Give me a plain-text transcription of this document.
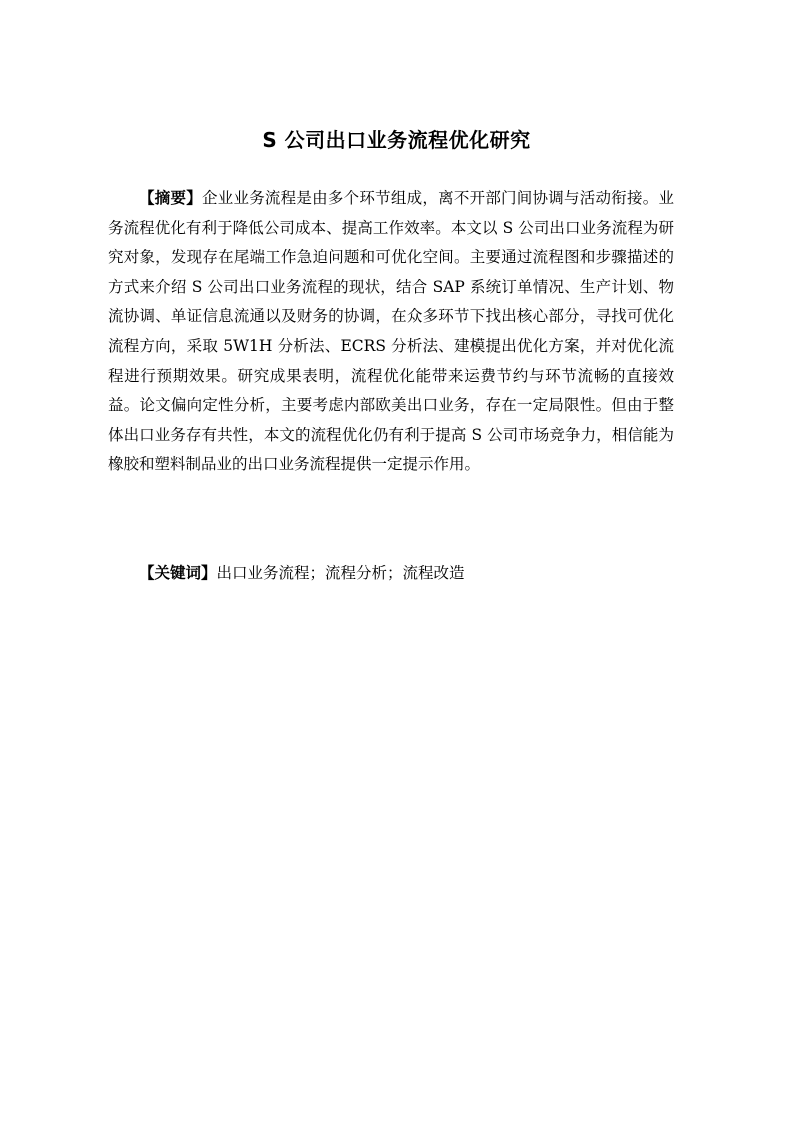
S 公司出口业务流程优化研究

【摘要】企业业务流程是由多个环节组成，离不开部门间协调与活动衔接。业务流程优化有利于降低公司成本、提高工作效率。本文以 S 公司出口业务流程为研究对象，发现存在尾端工作急迫问题和可优化空间。主要通过流程图和步骤描述的方式来介绍 S 公司出口业务流程的现状，结合 SAP 系统订单情况、生产计划、物流协调、单证信息流通以及财务的协调，在众多环节下找出核心部分，寻找可优化流程方向，采取 5W1H 分析法、ECRS 分析法、建模提出优化方案，并对优化流程进行预期效果。研究成果表明，流程优化能带来运费节约与环节流畅的直接效益。论文偏向定性分析，主要考虑内部欧美出口业务，存在一定局限性。但由于整体出口业务存有共性，本文的流程优化仍有利于提高 S 公司市场竞争力，相信能为橡胶和塑料制品业的出口业务流程提供一定提示作用。

【关键词】出口业务流程；流程分析；流程改造
